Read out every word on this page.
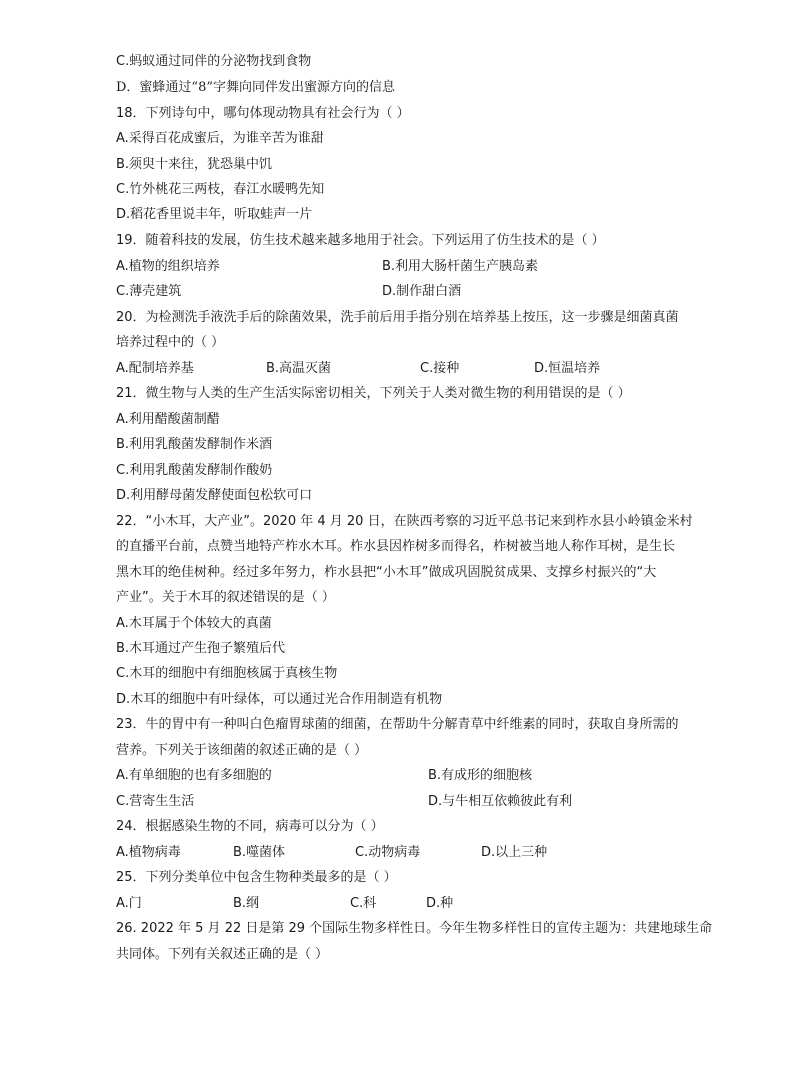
C.蚂蚁通过同伴的分泌物找到食物
D．蜜蜂通过“8”字舞向同伴发出蜜源方向的信息
18．下列诗句中，哪句体现动物具有社会行为（ ）
A.采得百花成蜜后，为谁辛苦为谁甜
B.须臾十来往，犹恐巢中饥
C.竹外桃花三两枝，春江水暖鸭先知
D.稻花香里说丰年，听取蛙声一片
19．随着科技的发展，仿生技术越来越多地用于社会。下列运用了仿生技术的是（ ）
A.植物的组织培养	B.利用大肠杆菌生产胰岛素
C.薄壳建筑	D.制作甜白酒
20．为检测洗手液洗手后的除菌效果，洗手前后用手指分别在培养基上按压，这一步骤是细菌真菌
培养过程中的（ ）
A.配制培养基	B.高温灭菌	C.接种	D.恒温培养
21．微生物与人类的生产生活实际密切相关，下列关于人类对微生物的利用错误的是（ ）
A.利用醋酸菌制醋
B.利用乳酸菌发酵制作米酒
C.利用乳酸菌发酵制作酸奶
D.利用酵母菌发酵使面包松软可口
22．“小木耳，大产业”。2020 年 4 月 20 日，在陕西考察的习近平总书记来到柞水县小岭镇金米村
的直播平台前，点赞当地特产柞水木耳。柞水县因柞树多而得名，柞树被当地人称作耳树，是生长
黑木耳的绝佳树种。经过多年努力，柞水县把“小木耳”做成巩固脱贫成果、支撑乡村振兴的“大
产业”。关于木耳的叙述错误的是（ ）
A.木耳属于个体较大的真菌
B.木耳通过产生孢子繁殖后代
C.木耳的细胞中有细胞核属于真核生物
D.木耳的细胞中有叶绿体，可以通过光合作用制造有机物
23．牛的胃中有一种叫白色瘤胃球菌的细菌，在帮助牛分解青草中纤维素的同时，获取自身所需的
营养。下列关于该细菌的叙述正确的是（ ）
A.有单细胞的也有多细胞的	B.有成形的细胞核
C.营寄生生活	D.与牛相互依赖彼此有利
24．根据感染生物的不同，病毒可以分为（ ）
A.植物病毒	B.噬菌体	C.动物病毒	D.以上三种
25．下列分类单位中包含生物种类最多的是（ ）
A.门	B.纲	C.科	D.种
26. 2022 年 5 月 22 日是第 29 个国际生物多样性日。今年生物多样性日的宣传主题为：共建地球生命
共同体。下列有关叙述正确的是（ ）
